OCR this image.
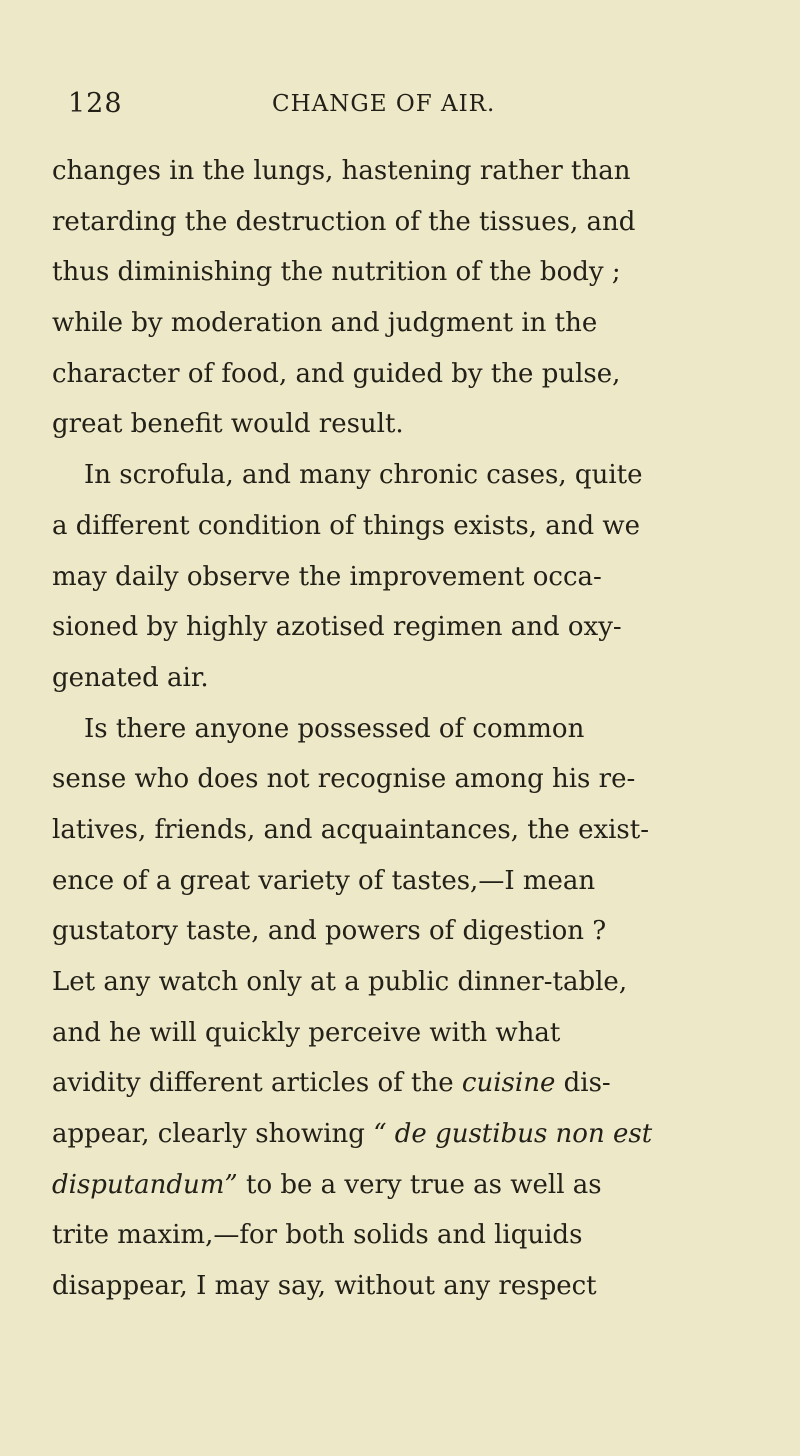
128	CHANGE OF AIR.
changes in the lungs, hastening rather than
retarding the destruction of the tissues, and
thus diminishing the nutrition of the body ;
while by moderation and judgment in the
character of food, and guided by the pulse,
great benefit would result.
In scrofula, and many chronic cases, quite
a different condition of things exists, and we
may daily observe the improvement occa-
sioned by highly azotised regimen and oxy-
genated air.
Is there anyone possessed of common
sense who does not recognise among his re-
latives, friends, and acquaintances, the exist-
ence of a great variety of tastes,—I mean
gustatory taste, and powers of digestion ?
Let any watch only at a public dinner-table,
and he will quickly perceive with what
avidity different articles of the cuisine dis-
appear, clearly showing “ de gustibus non est
disputandum” to be a very true as well as
trite maxim,—for both solids and liquids
disappear, I may say, without any respect
